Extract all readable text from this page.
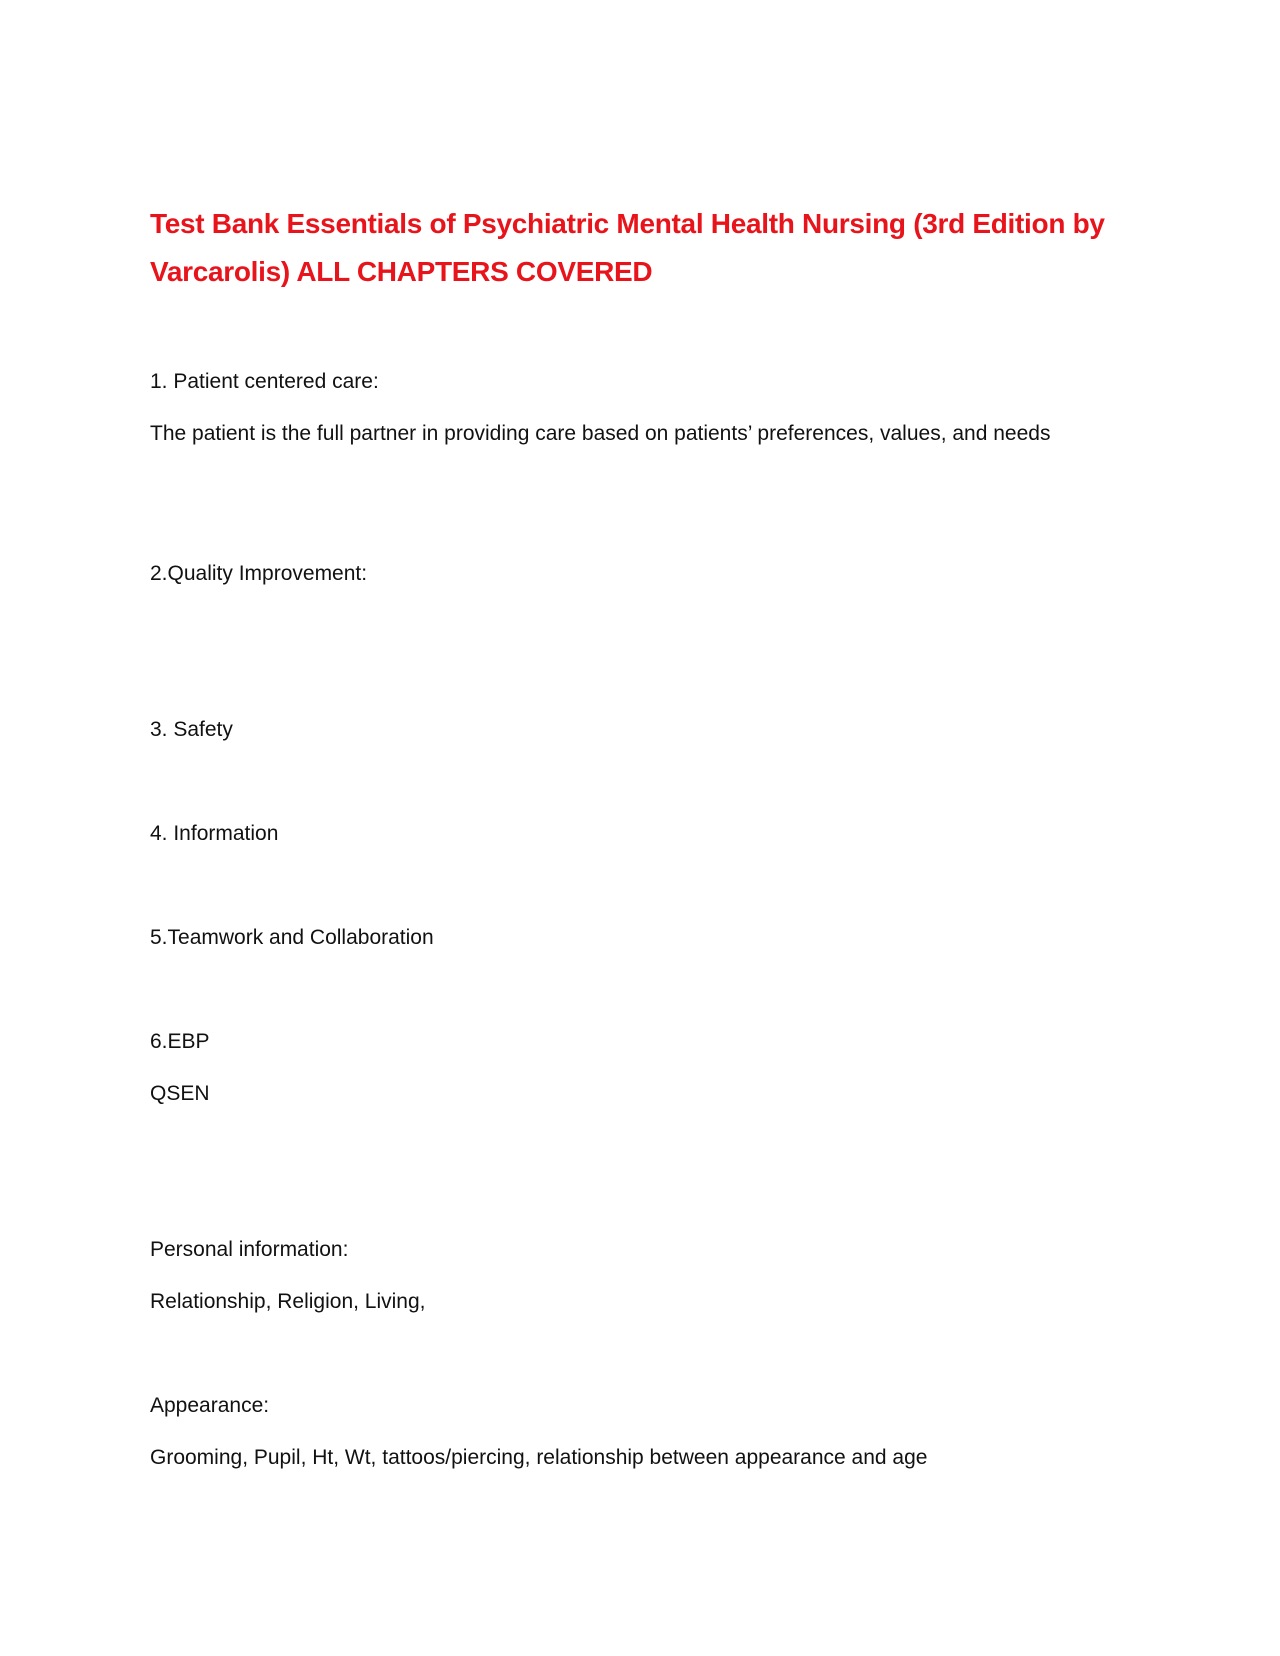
Test Bank Essentials of Psychiatric Mental Health Nursing (3rd Edition by Varcarolis) ALL CHAPTERS COVERED

1. Patient centered care:

The patient is the full partner in providing care based on patients’ preferences, values, and needs

2.Quality Improvement:

3. Safety

4. Information

5.Teamwork and Collaboration

6.EBP

QSEN

Personal information:

Relationship, Religion, Living,

Appearance:

Grooming, Pupil, Ht, Wt, tattoos/piercing, relationship between appearance and age
